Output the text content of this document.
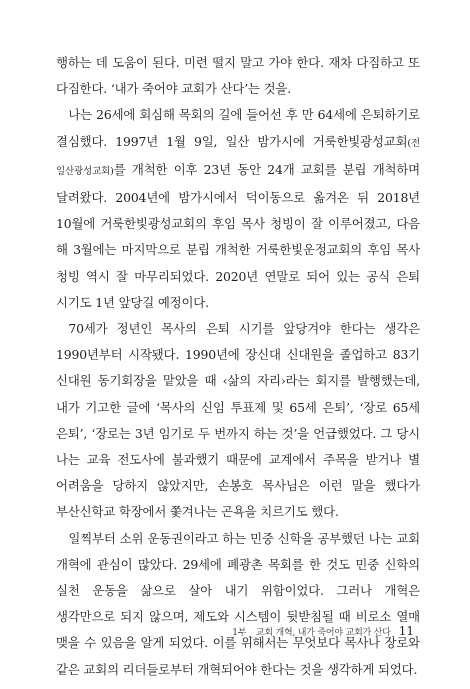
행하는 데 도움이 된다. 미련 떨지 말고 가야 한다. 재차 다짐하고 또 다짐한다. ‘내가 죽어야 교회가 산다’는 것을.

나는 26세에 회심해 목회의 길에 들어선 후 만 64세에 은퇴하기로 결심했다. 1997년 1월 9일, 일산 밤가시에 거룩한빛광성교회(전 일산광성교회)를 개척한 이후 23년 동안 24개 교회를 분립 개척하며 달려왔다. 2004년에 밤가시에서 덕이동으로 옮겨온 뒤 2018년 10월에 거룩한빛광성교회의 후임 목사 청빙이 잘 이루어졌고, 다음 해 3월에는 마지막으로 분립 개척한 거룩한빛운정교회의 후임 목사 청빙 역시 잘 마무리되었다. 2020년 연말로 되어 있는 공식 은퇴 시기도 1년 앞당길 예정이다.

70세가 정년인 목사의 은퇴 시기를 앞당겨야 한다는 생각은 1990년부터 시작됐다. 1990년에 장신대 신대원을 졸업하고 83기 신대원 동기회장을 맡았을 때 ‹삶의 자리›라는 회지를 발행했는데, 내가 기고한 글에 ‘목사의 신임 투표제 및 65세 은퇴’, ‘장로 65세 은퇴’, ‘장로는 3년 임기로 두 번까지 하는 것’을 언급했었다. 그 당시 나는 교육 전도사에 불과했기 때문에 교계에서 주목을 받거나 별 어려움을 당하지 않았지만, 손봉호 목사님은 이런 말을 했다가 부산신학교 학장에서 쫓겨나는 곤욕을 치르기도 했다.

일찍부터 소위 운동권이라고 하는 민중 신학을 공부했던 나는 교회 개혁에 관심이 많았다. 29세에 폐광촌 목회를 한 것도 민중 신학의 실천 운동을 삶으로 살아 내기 위함이었다. 그러나 개혁은 생각만으로 되지 않으며, 제도와 시스템이 뒷받침될 때 비로소 열매 맺을 수 있음을 알게 되었다. 이를 위해서는 무엇보다 목사나 장로와 같은 교회의 리더들로부터 개혁되어야 한다는 것을 생각하게 되었다.

1부 _ 교회 개혁, 내가 죽어야 교회가 산다 11
